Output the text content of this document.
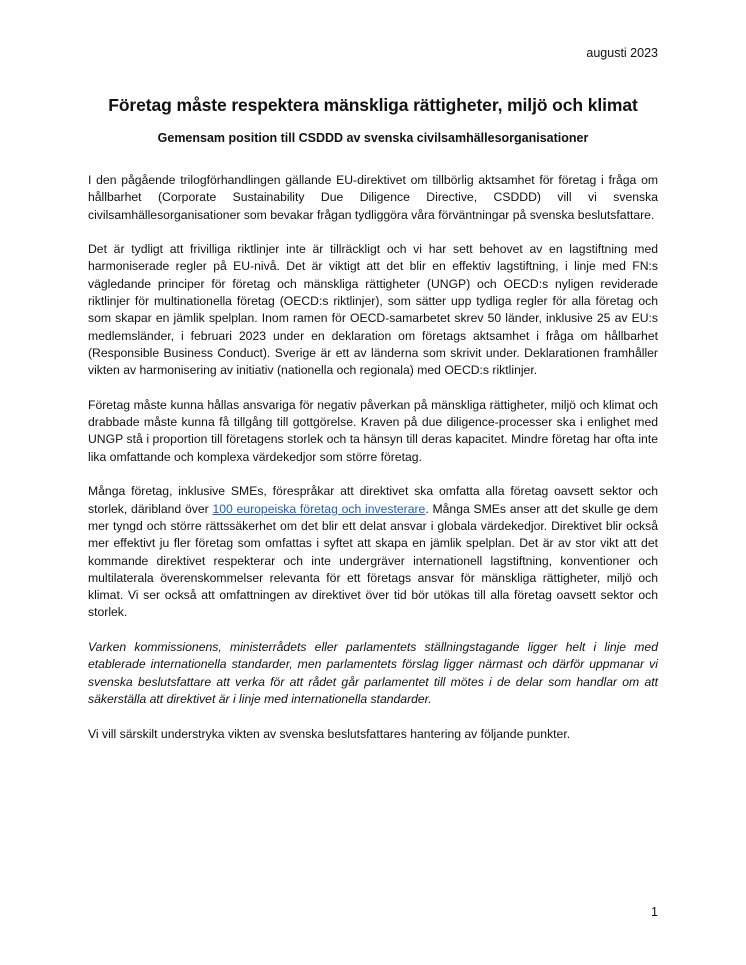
augusti 2023
Företag måste respektera mänskliga rättigheter, miljö och klimat
Gemensam position till CSDDD av svenska civilsamhällesorganisationer

I den pågående trilogförhandlingen gällande EU-direktivet om tillbörlig aktsamhet för företag i fråga om hållbarhet (Corporate Sustainability Due Diligence Directive, CSDDD) vill vi svenska civilsamhällesorganisationer som bevakar frågan tydliggöra våra förväntningar på svenska beslutsfattare.

Det är tydligt att frivilliga riktlinjer inte är tillräckligt och vi har sett behovet av en lagstiftning med harmoniserade regler på EU-nivå. Det är viktigt att det blir en effektiv lagstiftning, i linje med FN:s vägledande principer för företag och mänskliga rättigheter (UNGP) och OECD:s nyligen reviderade riktlinjer för multinationella företag (OECD:s riktlinjer), som sätter upp tydliga regler för alla företag och som skapar en jämlik spelplan. Inom ramen för OECD-samarbetet skrev 50 länder, inklusive 25 av EU:s medlemsländer, i februari 2023 under en deklaration om företags aktsamhet i fråga om hållbarhet (Responsible Business Conduct). Sverige är ett av länderna som skrivit under. Deklarationen framhåller vikten av harmonisering av initiativ (nationella och regionala) med OECD:s riktlinjer.

Företag måste kunna hållas ansvariga för negativ påverkan på mänskliga rättigheter, miljö och klimat och drabbade måste kunna få tillgång till gottgörelse. Kraven på due diligence-processer ska i enlighet med UNGP stå i proportion till företagens storlek och ta hänsyn till deras kapacitet. Mindre företag har ofta inte lika omfattande och komplexa värdekedjor som större företag.

Många företag, inklusive SMEs, förespråkar att direktivet ska omfatta alla företag oavsett sektor och storlek, däribland över 100 europeiska företag och investerare. Många SMEs anser att det skulle ge dem mer tyngd och större rättssäkerhet om det blir ett delat ansvar i globala värdekedjor. Direktivet blir också mer effektivt ju fler företag som omfattas i syftet att skapa en jämlik spelplan. Det är av stor vikt att det kommande direktivet respekterar och inte undergräver internationell lagstiftning, konventioner och multilaterala överenskommelser relevanta för ett företags ansvar för mänskliga rättigheter, miljö och klimat. Vi ser också att omfattningen av direktivet över tid bör utökas till alla företag oavsett sektor och storlek.

Varken kommissionens, ministerrådets eller parlamentets ställningstagande ligger helt i linje med etablerade internationella standarder, men parlamentets förslag ligger närmast och därför uppmanar vi svenska beslutsfattare att verka för att rådet går parlamentet till mötes i de delar som handlar om att säkerställa att direktivet är i linje med internationella standarder.

Vi vill särskilt understryka vikten av svenska beslutsfattares hantering av följande punkter.

1
